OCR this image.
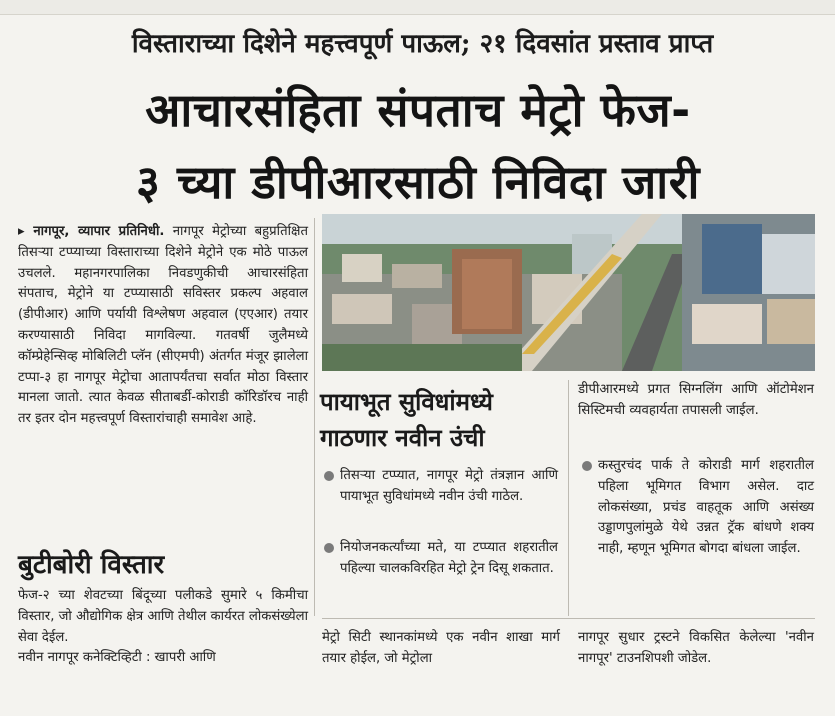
विस्ताराच्या दिशेने महत्त्वपूर्ण पाऊल; २१ दिवसांत प्रस्ताव प्राप्त
आचारसंहिता संपताच मेट्रो फेज-
३ च्या डीपीआरसाठी निविदा जारी

▸ नागपूर, व्यापार प्रतिनिधी. नागपूर मेट्रोच्या बहुप्रतिक्षित तिसऱ्या टप्प्याच्या विस्ताराच्या दिशेने मेट्रोने एक मोठे पाऊल उचलले. महानगरपालिका निवडणुकीची आचारसंहिता संपताच, मेट्रोने या टप्प्यासाठी सविस्तर प्रकल्प अहवाल (डीपीआर) आणि पर्यायी विश्लेषण अहवाल (एएआर) तयार करण्यासाठी निविदा मागविल्या. गतवर्षी जुलैमध्ये कॉम्प्रेहेन्सिव्ह मोबिलिटी प्लॅन (सीएमपी) अंतर्गत मंजूर झालेला टप्पा-३ हा नागपूर मेट्रोचा आतापर्यंतचा सर्वात मोठा विस्तार मानला जातो. त्यात केवळ सीताबर्डी-कोराडी कॉरिडॉरच नाही तर इतर दोन महत्त्वपूर्ण विस्तारांचाही समावेश आहे.

बुटीबोरी विस्तार

फेज-२ च्या शेवटच्या बिंदूच्या पलीकडे सुमारे ५ किमीचा विस्तार, जो औद्योगिक क्षेत्र आणि तेथील कार्यरत लोकसंख्येला सेवा देईल.

नवीन नागपूर कनेक्टिव्हिटी : खापरी आणि

पायाभूत सुविधांमध्ये
गाठणार नवीन उंची
तिसऱ्या टप्प्यात, नागपूर मेट्रो तंत्रज्ञान आणि पायाभूत सुविधांमध्ये नवीन उंची गाठेल.
नियोजनकर्त्यांच्या मते, या टप्प्यात शहरातील पहिल्या चालकविरहित मेट्रो ट्रेन दिसू शकतात.
डीपीआरमध्ये प्रगत सिग्नलिंग आणि ऑटोमेशन सिस्टिमची व्यवहार्यता तपासली जाईल.
कस्तुरचंद पार्क ते कोराडी मार्ग शहरातील पहिला भूमिगत विभाग असेल. दाट लोकसंख्या, प्रचंड वाहतूक आणि असंख्य उड्डाणपुलांमुळे येथे उन्नत ट्रॅक बांधणे शक्य नाही, म्हणून भूमिगत बोगदा बांधला जाईल.
मेट्रो सिटी स्थानकांमध्ये एक नवीन शाखा मार्ग तयार होईल, जो मेट्रोला
नागपूर सुधार ट्रस्टने विकसित केलेल्या 'नवीन नागपूर' टाउनशिपशी जोडेल.
